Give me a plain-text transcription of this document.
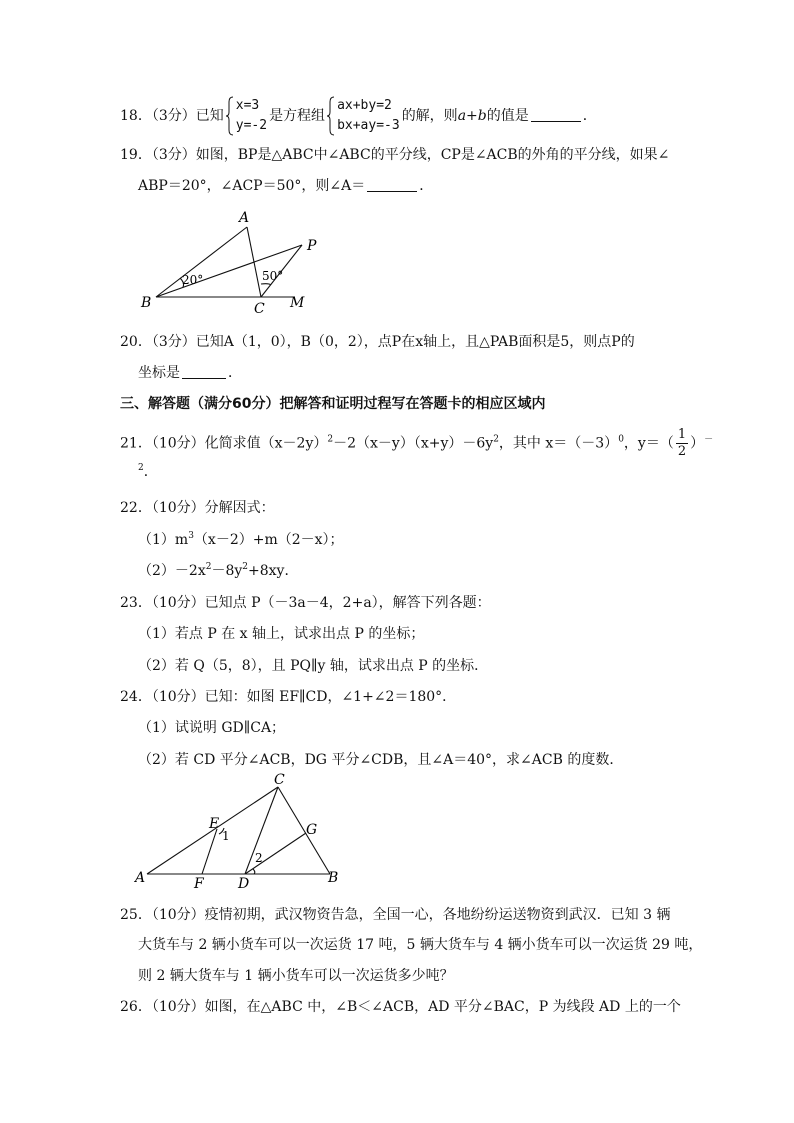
18．（3分）已知
x=3
y=-2
是方程组
ax+by=2
bx+ay=-3
的解，则a+b的值是	．
19．（3分）如图，BP是△ABC中∠ABC的平分线，CP是∠ACB的外角的平分线，如果∠
ABP＝20°，∠ACP＝50°，则∠A＝	．
A
B	C
P
M
20°	50°
20．（3分）已知A（1，0），B（0，2），点P在x轴上，且△PAB面积是5，则点P的
坐标是	．
三、解答题（满分60分）把解答和证明过程写在答题卡的相应区域内
21．（10分）化简求值$(x-2y)^2-2(x-y)(x+y)-6y^2$，其中 $x=(-3)^0$，$y=( \frac{1}{2} )^-$
$^2$．
22．（10分）分解因式：
$(1)m^3(x-2)+m(2-x)$；
$(2)-2x^2-8y^2+8xy$．
23．（10分）已知点 P（－3a－4，2+a），解答下列各题：
（1）若点 P 在 x 轴上，试求出点 P 的坐标；
（2）若 Q（5，8），且 PQ∥y 轴，试求出点 P 的坐标．
24．（10分）已知：如图 EF∥CD，∠1+∠2＝180°．
（1）试说明 GD∥CA；
（2）若 CD 平分∠ACB，DG 平分∠CDB，且∠A＝40°，求∠ACB 的度数．
A	B
C
D
E
F
G
1
2
25．（10分）疫情初期，武汉物资告急，全国一心，各地纷纷运送物资到武汉．已知 3 辆
大货车与 2 辆小货车可以一次运货 17 吨，5 辆大货车与 4 辆小货车可以一次运货 29 吨，
则 2 辆大货车与 1 辆小货车可以一次运货多少吨？
26．（10分）如图，在△ABC 中，∠B＜∠ACB，AD 平分∠BAC，P 为线段 AD 上的一个
